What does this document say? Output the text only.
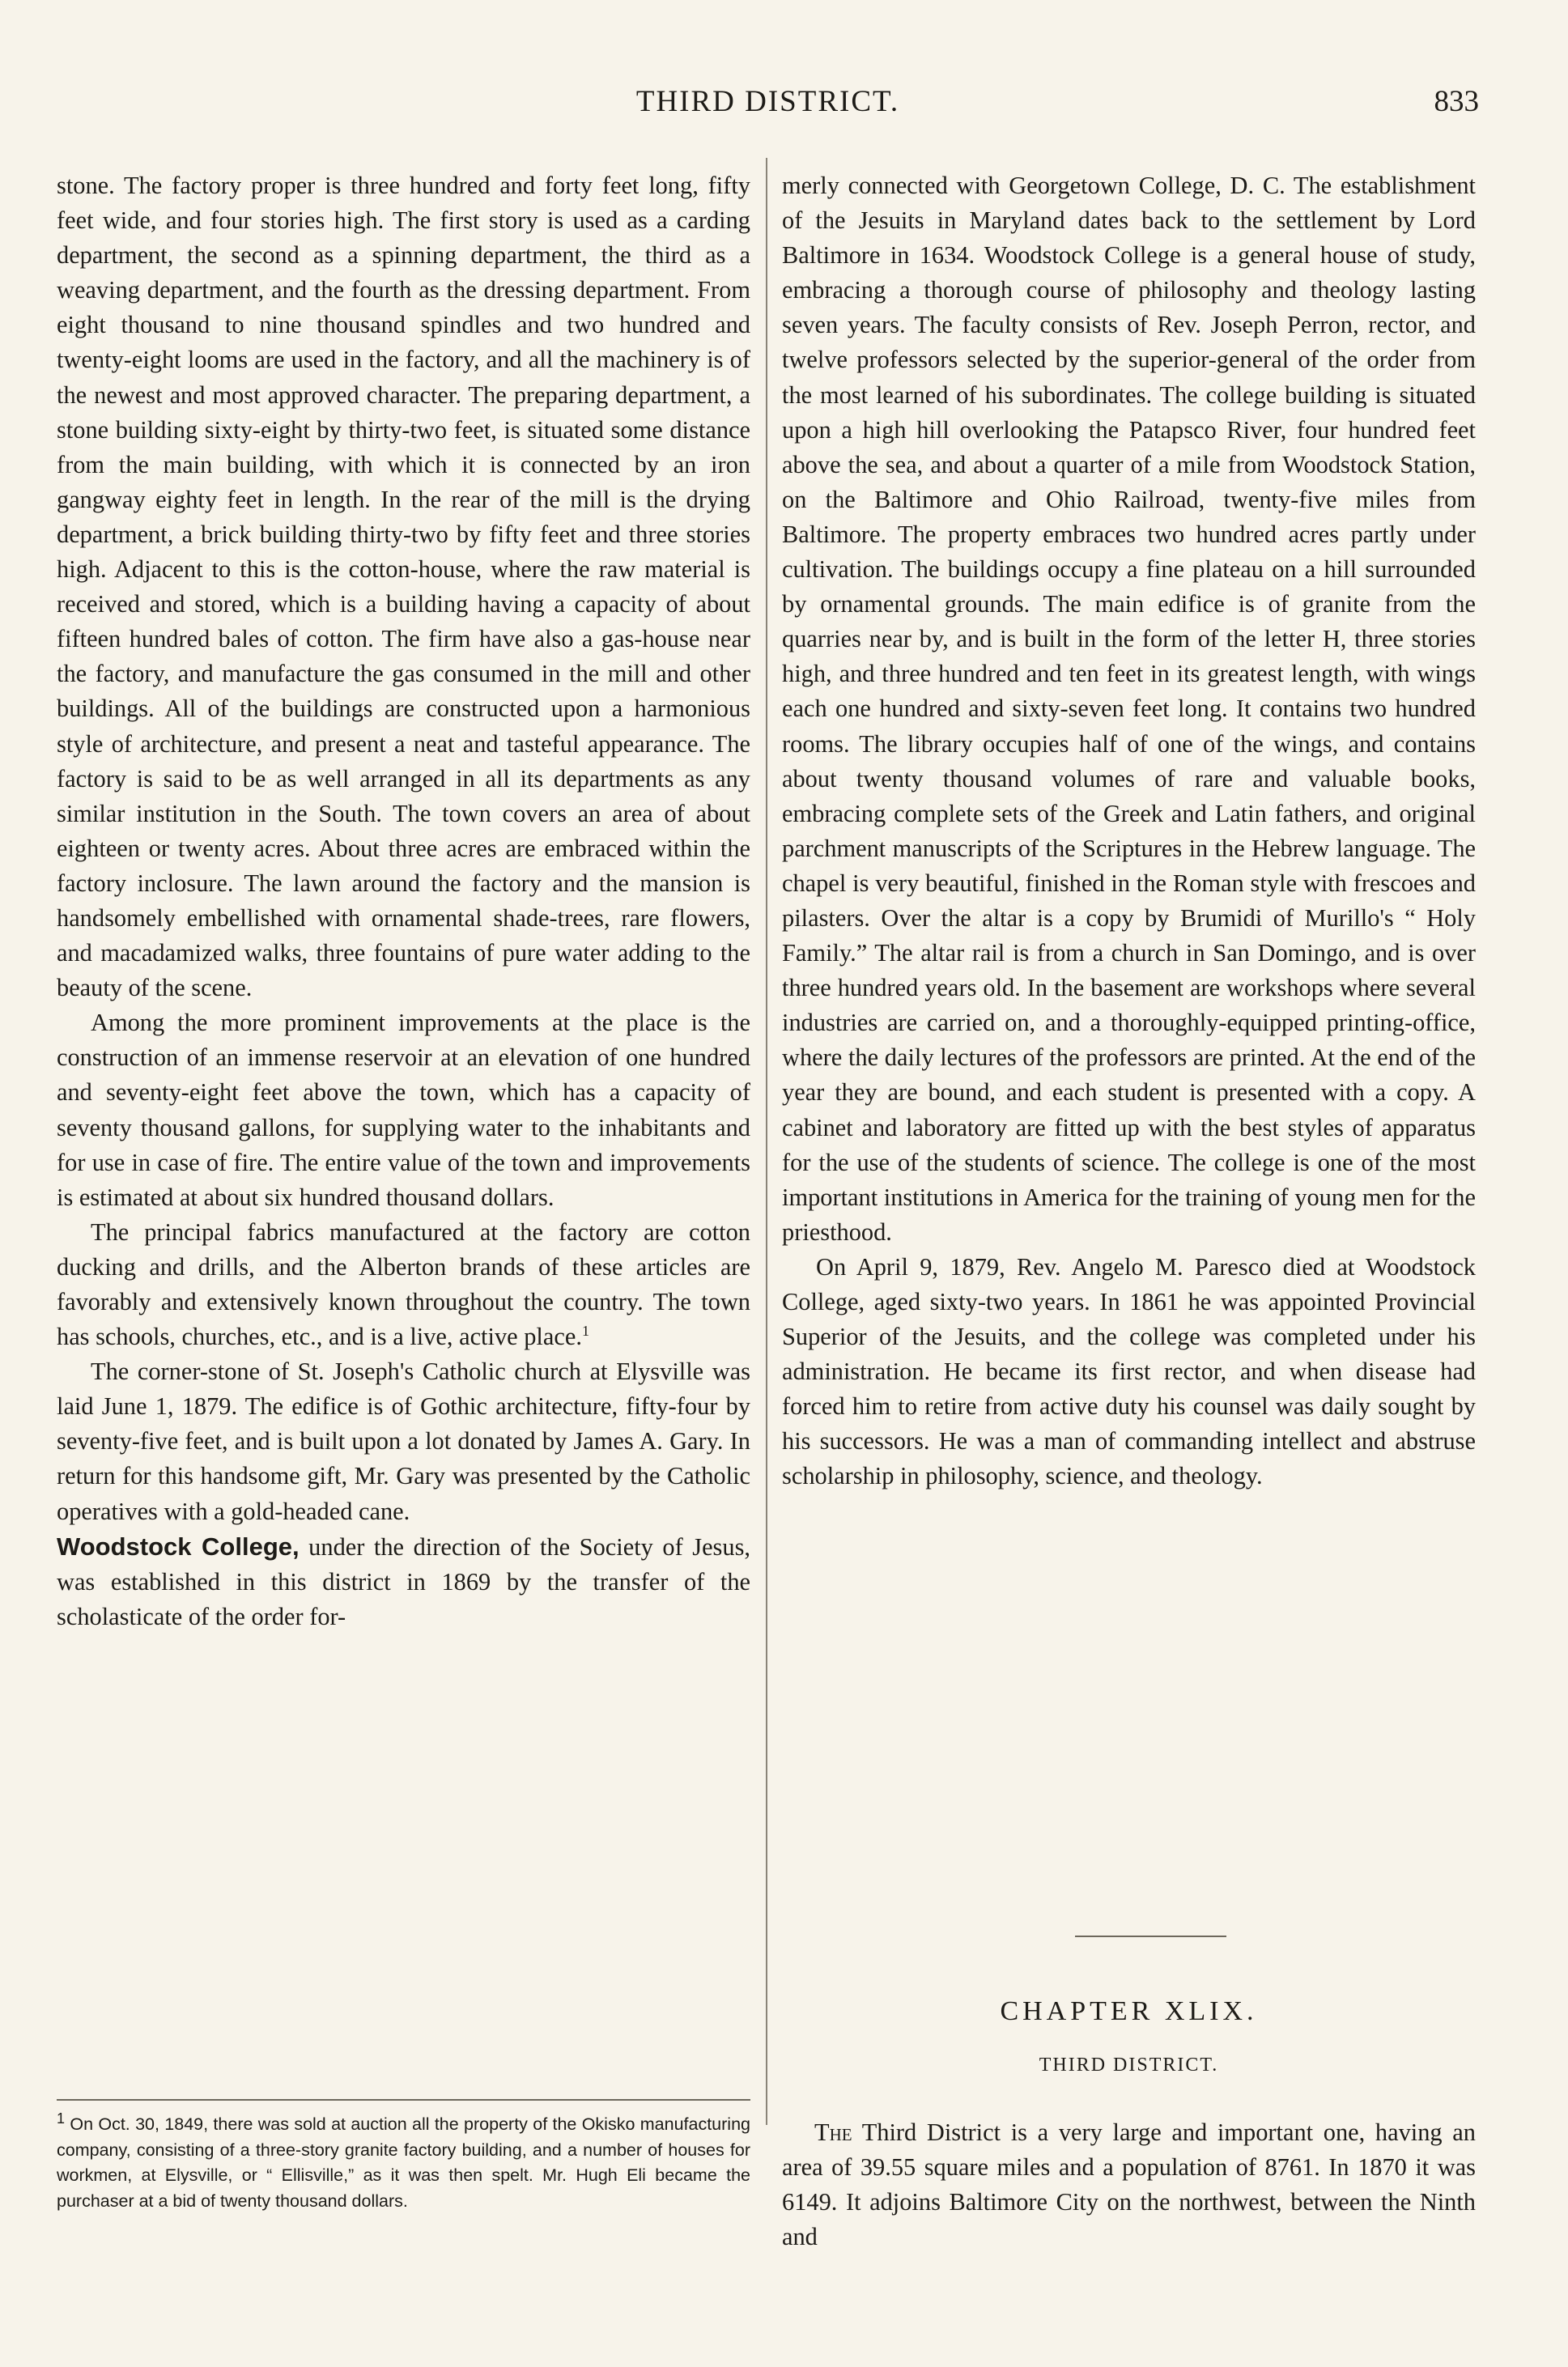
THIRD DISTRICT.	833

stone. The factory proper is three hundred and forty feet long, fifty feet wide, and four stories high. The first story is used as a carding department, the second as a spinning department, the third as a weaving department, and the fourth as the dressing department. From eight thousand to nine thousand spindles and two hundred and twenty-eight looms are used in the factory, and all the machinery is of the newest and most approved character. The preparing department, a stone building sixty-eight by thirty-two feet, is situated some distance from the main building, with which it is connected by an iron gangway eighty feet in length. In the rear of the mill is the drying department, a brick building thirty-two by fifty feet and three stories high. Adjacent to this is the cotton-house, where the raw material is received and stored, which is a building having a capacity of about fifteen hundred bales of cotton. The firm have also a gas-house near the factory, and manufacture the gas consumed in the mill and other buildings. All of the buildings are constructed upon a harmonious style of architecture, and present a neat and tasteful appearance. The factory is said to be as well arranged in all its departments as any similar institution in the South. The town covers an area of about eighteen or twenty acres. About three acres are embraced within the factory inclosure. The lawn around the factory and the mansion is handsomely embellished with ornamental shade-trees, rare flowers, and macadamized walks, three fountains of pure water adding to the beauty of the scene.

Among the more prominent improvements at the place is the construction of an immense reservoir at an elevation of one hundred and seventy-eight feet above the town, which has a capacity of seventy thousand gallons, for supplying water to the inhabitants and for use in case of fire. The entire value of the town and improvements is estimated at about six hundred thousand dollars.

The principal fabrics manufactured at the factory are cotton ducking and drills, and the Alberton brands of these articles are favorably and extensively known throughout the country. The town has schools, churches, etc., and is a live, active place.$^1$

The corner-stone of St. Joseph's Catholic church at Elysville was laid June 1, 1879. The edifice is of Gothic architecture, fifty-four by seventy-five feet, and is built upon a lot donated by James A. Gary. In return for this handsome gift, Mr. Gary was presented by the Catholic operatives with a gold-headed cane.

Woodstock College, under the direction of the Society of Jesus, was established in this district in 1869 by the transfer of the scholasticate of the order for-

$^1$ On Oct. 30, 1849, there was sold at auction all the property of the Okisko manufacturing company, consisting of a three-story granite factory building, and a number of houses for workmen, at Elysville, or “ Ellisville,” as it was then spelt. Mr. Hugh Eli became the purchaser at a bid of twenty thousand dollars.

merly connected with Georgetown College, D. C. The establishment of the Jesuits in Maryland dates back to the settlement by Lord Baltimore in 1634. Woodstock College is a general house of study, embracing a thorough course of philosophy and theology lasting seven years. The faculty consists of Rev. Joseph Perron, rector, and twelve professors selected by the superior-general of the order from the most learned of his subordinates. The college building is situated upon a high hill overlooking the Patapsco River, four hundred feet above the sea, and about a quarter of a mile from Woodstock Station, on the Baltimore and Ohio Railroad, twenty-five miles from Baltimore. The property embraces two hundred acres partly under cultivation. The buildings occupy a fine plateau on a hill surrounded by ornamental grounds. The main edifice is of granite from the quarries near by, and is built in the form of the letter H, three stories high, and three hundred and ten feet in its greatest length, with wings each one hundred and sixty-seven feet long. It contains two hundred rooms. The library occupies half of one of the wings, and contains about twenty thousand volumes of rare and valuable books, embracing complete sets of the Greek and Latin fathers, and original parchment manuscripts of the Scriptures in the Hebrew language. The chapel is very beautiful, finished in the Roman style with frescoes and pilasters. Over the altar is a copy by Brumidi of Murillo's “ Holy Family.” The altar rail is from a church in San Domingo, and is over three hundred years old. In the basement are workshops where several industries are carried on, and a thoroughly-equipped printing-office, where the daily lectures of the professors are printed. At the end of the year they are bound, and each student is presented with a copy. A cabinet and laboratory are fitted up with the best styles of apparatus for the use of the students of science. The college is one of the most important institutions in America for the training of young men for the priesthood.

On April 9, 1879, Rev. Angelo M. Paresco died at Woodstock College, aged sixty-two years. In 1861 he was appointed Provincial Superior of the Jesuits, and the college was completed under his administration. He became its first rector, and when disease had forced him to retire from active duty his counsel was daily sought by his successors. He was a man of commanding intellect and abstruse scholarship in philosophy, science, and theology.

CHAPTER XLIX.
THIRD DISTRICT.

The Third District is a very large and important one, having an area of 39.55 square miles and a population of 8761. In 1870 it was 6149. It adjoins Baltimore City on the northwest, between the Ninth and
